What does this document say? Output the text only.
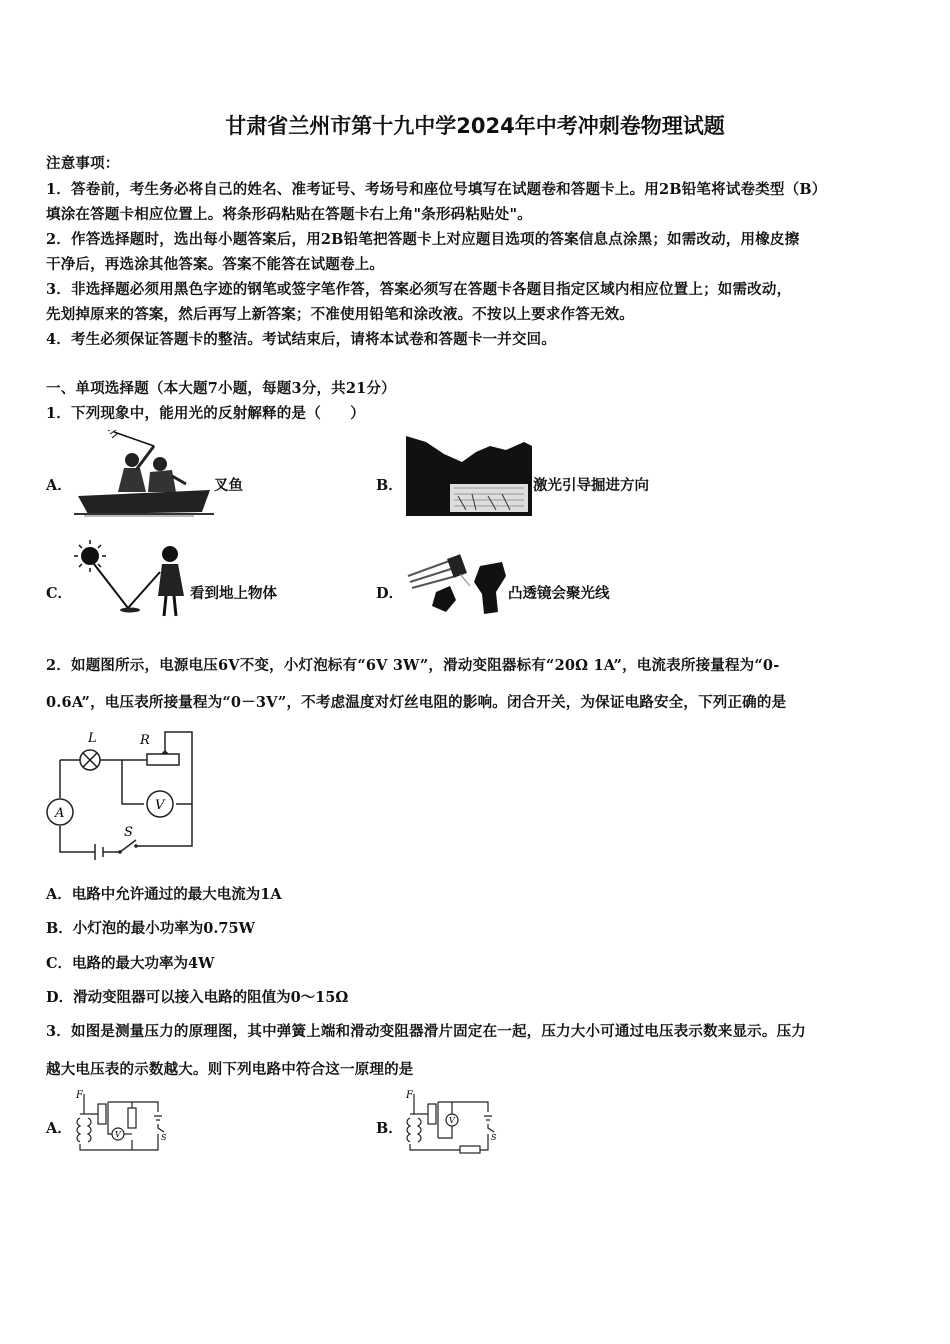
甘肃省兰州市第十九中学2024年中考冲刺卷物理试题
注意事项：
1．答卷前，考生务必将自己的姓名、准考证号、考场号和座位号填写在试题卷和答题卡上。用2B铅笔将试卷类型（B）
填涂在答题卡相应位置上。将条形码粘贴在答题卡右上角"条形码粘贴处"。
2．作答选择题时，选出每小题答案后，用2B铅笔把答题卡上对应题目选项的答案信息点涂黑；如需改动，用橡皮擦
干净后，再选涂其他答案。答案不能答在试题卷上。
3．非选择题必须用黑色字迹的钢笔或签字笔作答，答案必须写在答题卡各题目指定区域内相应位置上；如需改动，
先划掉原来的答案，然后再写上新答案；不准使用铅笔和涂改液。不按以上要求作答无效。
4．考生必须保证答题卡的整洁。考试结束后，请将本试卷和答题卡一并交回。
一、单项选择题（本大题7小题，每题3分，共21分）
1．下列现象中，能用光的反射解释的是（　　）
A．	叉鱼	B．	激光引导掘进方向
C．	看到地上物体	D．	凸透镜会聚光线
2．如题图所示，电源电压6V不变，小灯泡标有“6V 3W”，滑动变阻器标有“20Ω 1A”，电流表所接量程为“0-
0.6A”，电压表所接量程为“0－3V”，不考虑温度对灯丝电阻的影响。闭合开关，为保证电路安全，下列正确的是
L	R
A
V
S
A．电路中允许通过的最大电流为1A
B．小灯泡的最小功率为0.75W
C．电路的最大功率为4W
D．滑动变阻器可以接入电路的阻值为0～15Ω
3．如图是测量压力的原理图，其中弹簧上端和滑动变阻器滑片固定在一起，压力大小可通过电压表示数来显示。压力
越大电压表的示数越大。则下列电路中符合这一原理的是
A．
F
V	S
B．
F
V
S
